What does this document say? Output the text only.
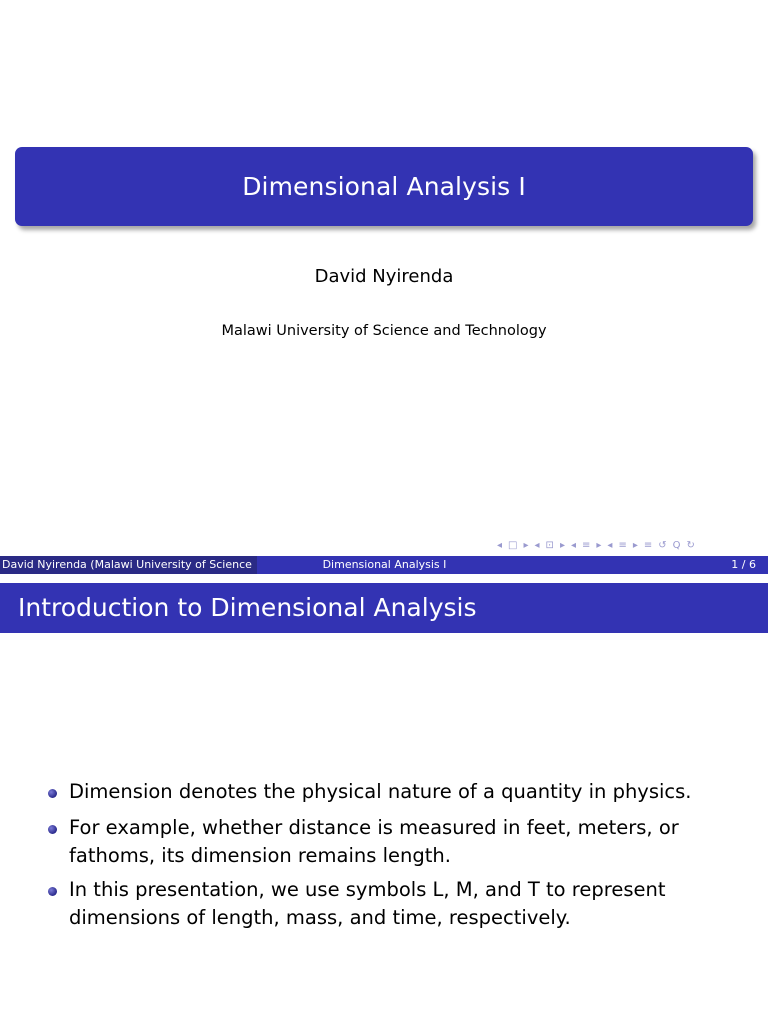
Dimensional Analysis I
David Nyirenda
Malawi University of Science and Technology
◂ □ ▸ ◂ ⊡ ▸ ◂ ≡ ▸ ◂ ≡ ▸ ≡ ↺ Q ↻
David Nyirenda (Malawi University of Science	Dimensional Analysis I	1 / 6
Introduction to Dimensional Analysis
Dimension denotes the physical nature of a quantity in physics.
For example, whether distance is measured in feet, meters, or fathoms, its dimension remains length.
In this presentation, we use symbols L, M, and T to represent dimensions of length, mass, and time, respectively.
